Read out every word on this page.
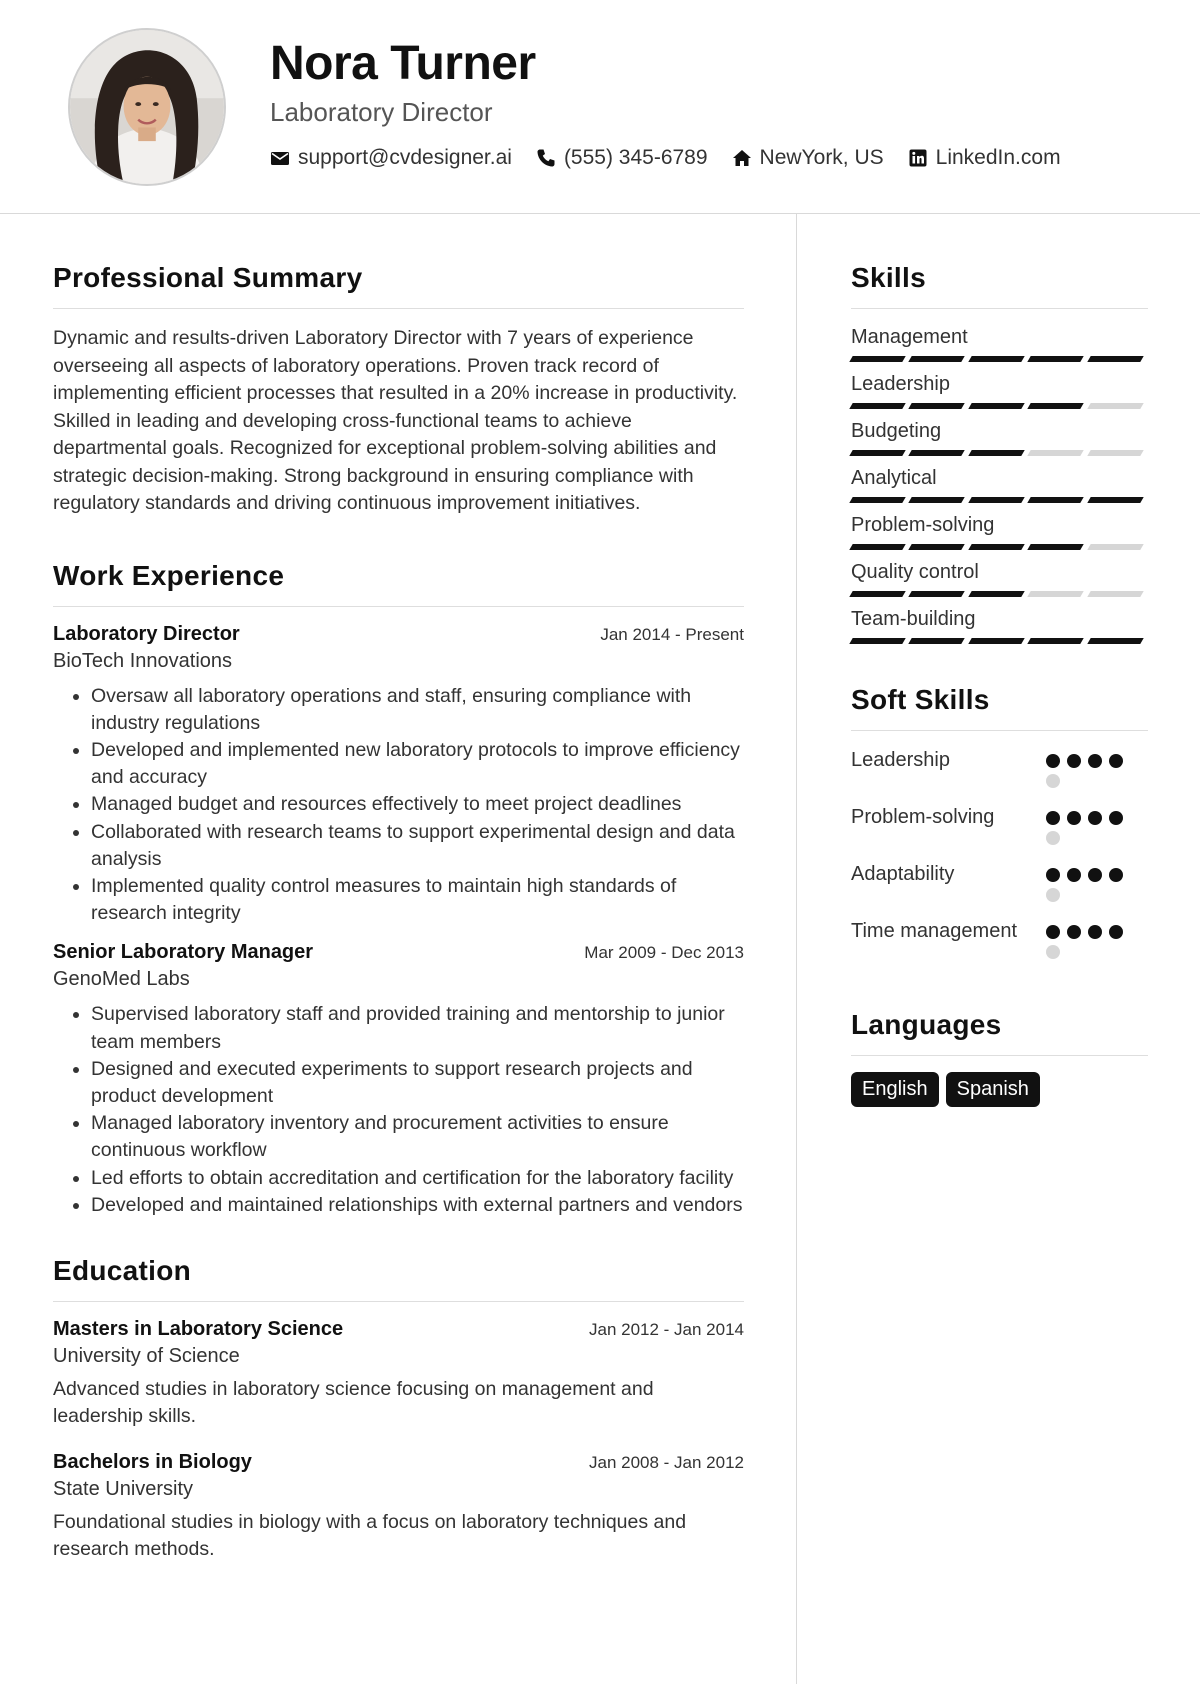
Nora Turner
Laboratory Director
support@cvdesigner.ai (555) 345-6789 NewYork, US LinkedIn.com
Professional Summary

Dynamic and results-driven Laboratory Director with 7 years of experience overseeing all aspects of laboratory operations. Proven track record of implementing efficient processes that resulted in a 20% increase in productivity. Skilled in leading and developing cross-functional teams to achieve departmental goals. Recognized for exceptional problem-solving abilities and strategic decision-making. Strong background in ensuring compliance with regulatory standards and driving continuous improvement initiatives.

Work Experience
Laboratory Director	Jan 2014 - Present
BioTech Innovations
• Oversaw all laboratory operations and staff, ensuring compliance with industry regulations
• Developed and implemented new laboratory protocols to improve efficiency and accuracy
• Managed budget and resources effectively to meet project deadlines
• Collaborated with research teams to support experimental design and data analysis
• Implemented quality control measures to maintain high standards of research integrity
Senior Laboratory Manager	Mar 2009 - Dec 2013
GenoMed Labs
• Supervised laboratory staff and provided training and mentorship to junior team members
• Designed and executed experiments to support research projects and product development
• Managed laboratory inventory and procurement activities to ensure continuous workflow
• Led efforts to obtain accreditation and certification for the laboratory facility
• Developed and maintained relationships with external partners and vendors
Education
Masters in Laboratory Science	Jan 2012 - Jan 2014
University of Science

Advanced studies in laboratory science focusing on management and leadership skills.

Bachelors in Biology	Jan 2008 - Jan 2012
State University

Foundational studies in biology with a focus on laboratory techniques and research methods.

Skills
Management
Leadership
Budgeting
Analytical
Problem-solving
Quality control
Team-building
Soft Skills
Leadership
Problem-solving
Adaptability
Time management
Languages
English	Spanish
